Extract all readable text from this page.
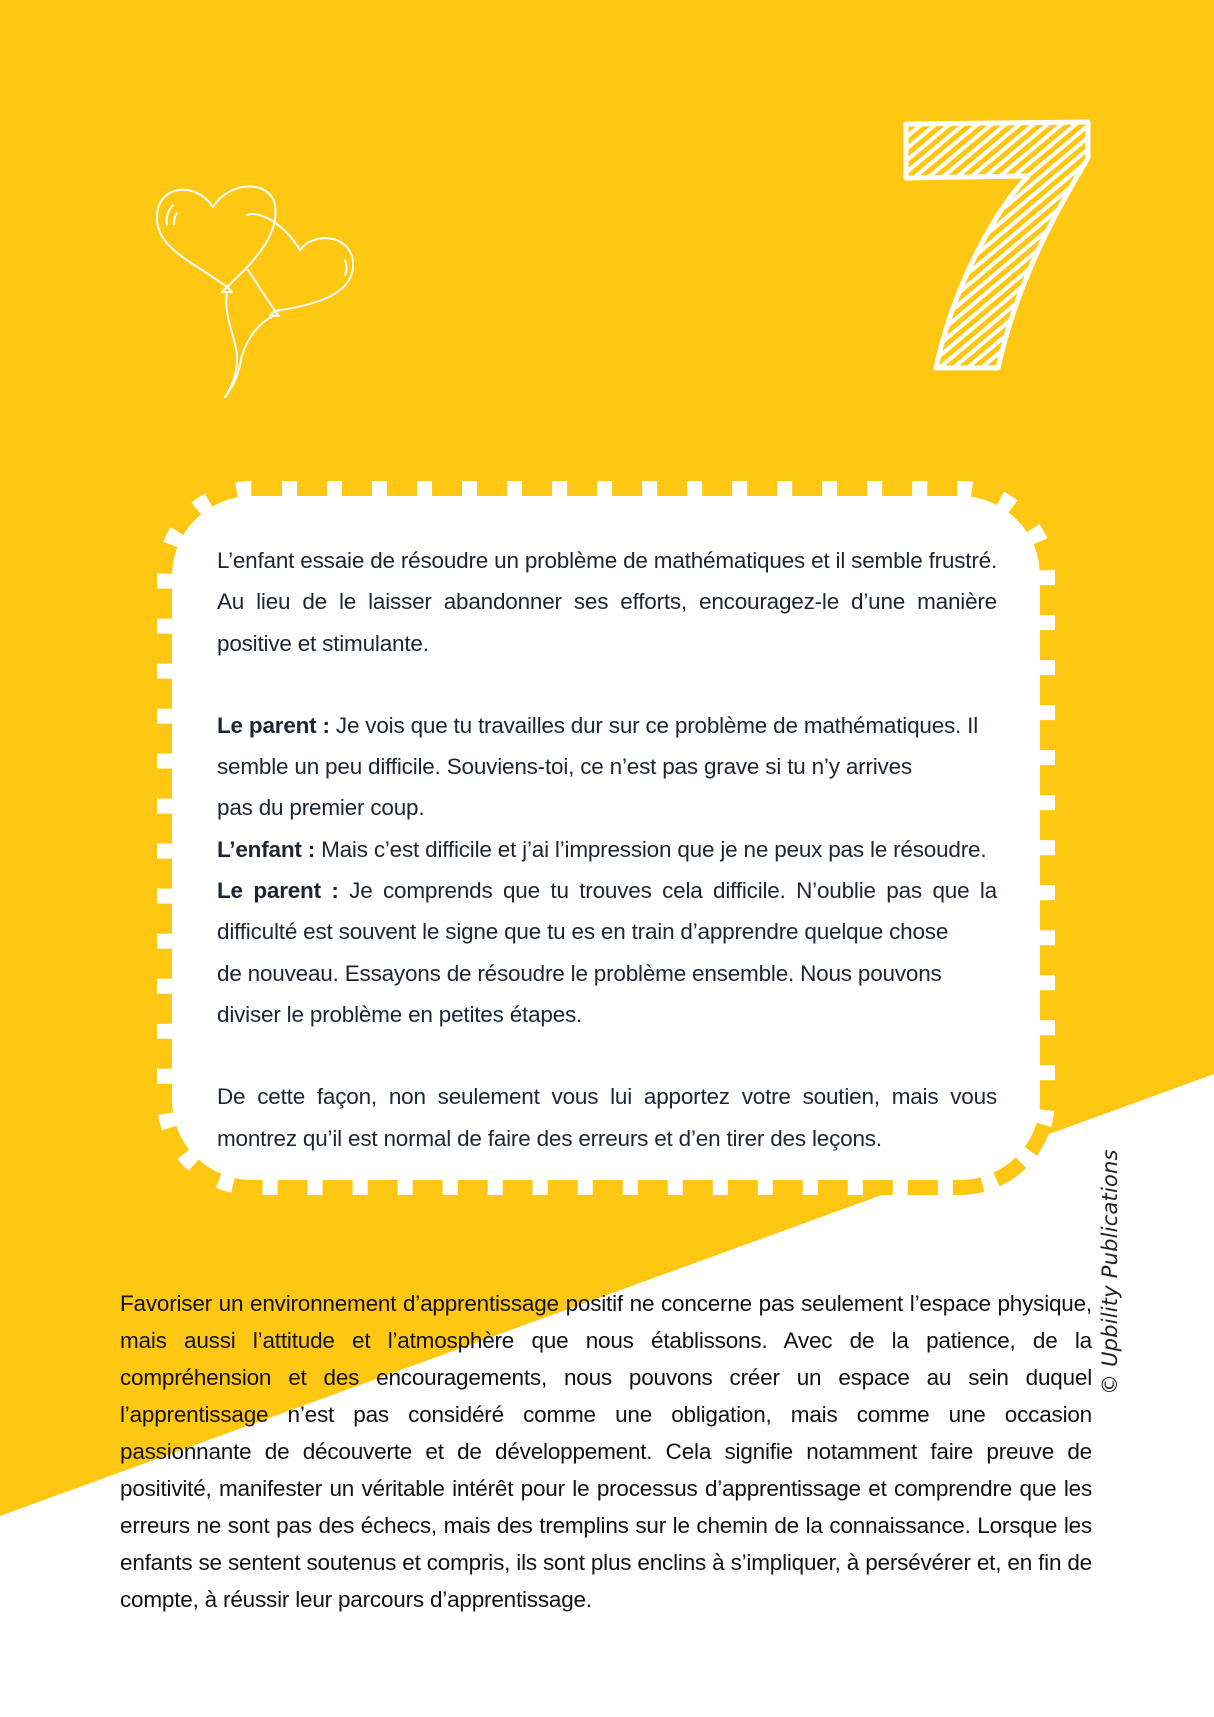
L’enfant essaie de résoudre un problème de mathématiques et il semble frustré. Au lieu de le laisser abandonner ses efforts, encouragez-le d’une manière positive et stimulante.

Le parent : Je vois que tu travailles dur sur ce problème de mathématiques. Il

semble un peu difficile. Souviens-toi, ce n’est pas grave si tu n’y arrives

pas du premier coup.

L’enfant : Mais c’est difficile et j’ai l’impression que je ne peux pas le résoudre.

Le parent : Je comprends que tu trouves cela difficile. N’oublie pas que la

difficulté est souvent le signe que tu es en train d’apprendre quelque chose

de nouveau. Essayons de résoudre le problème ensemble. Nous pouvons

diviser le problème en petites étapes.

De cette façon, non seulement vous lui apportez votre soutien, mais vous montrez qu’il est normal de faire des erreurs et d’en tirer des leçons.

© Upbility Publications

Favoriser un environnement d’apprentissage positif ne concerne pas seulement l’espace physique, mais aussi l’attitude et l’atmosphère que nous établissons. Avec de la patience, de la compréhension et des encouragements, nous pouvons créer un espace au sein duquel l’apprentissage n’est pas considéré comme une obligation, mais comme une occasion passionnante de découverte et de développement. Cela signifie notamment faire preuve de positivité, manifester un véritable intérêt pour le processus d’apprentissage et comprendre que les erreurs ne sont pas des échecs, mais des tremplins sur le chemin de la connaissance. Lorsque les enfants se sentent soutenus et compris, ils sont plus enclins à s’impliquer, à persévérer et, en fin de compte, à réussir leur parcours d’apprentissage.
